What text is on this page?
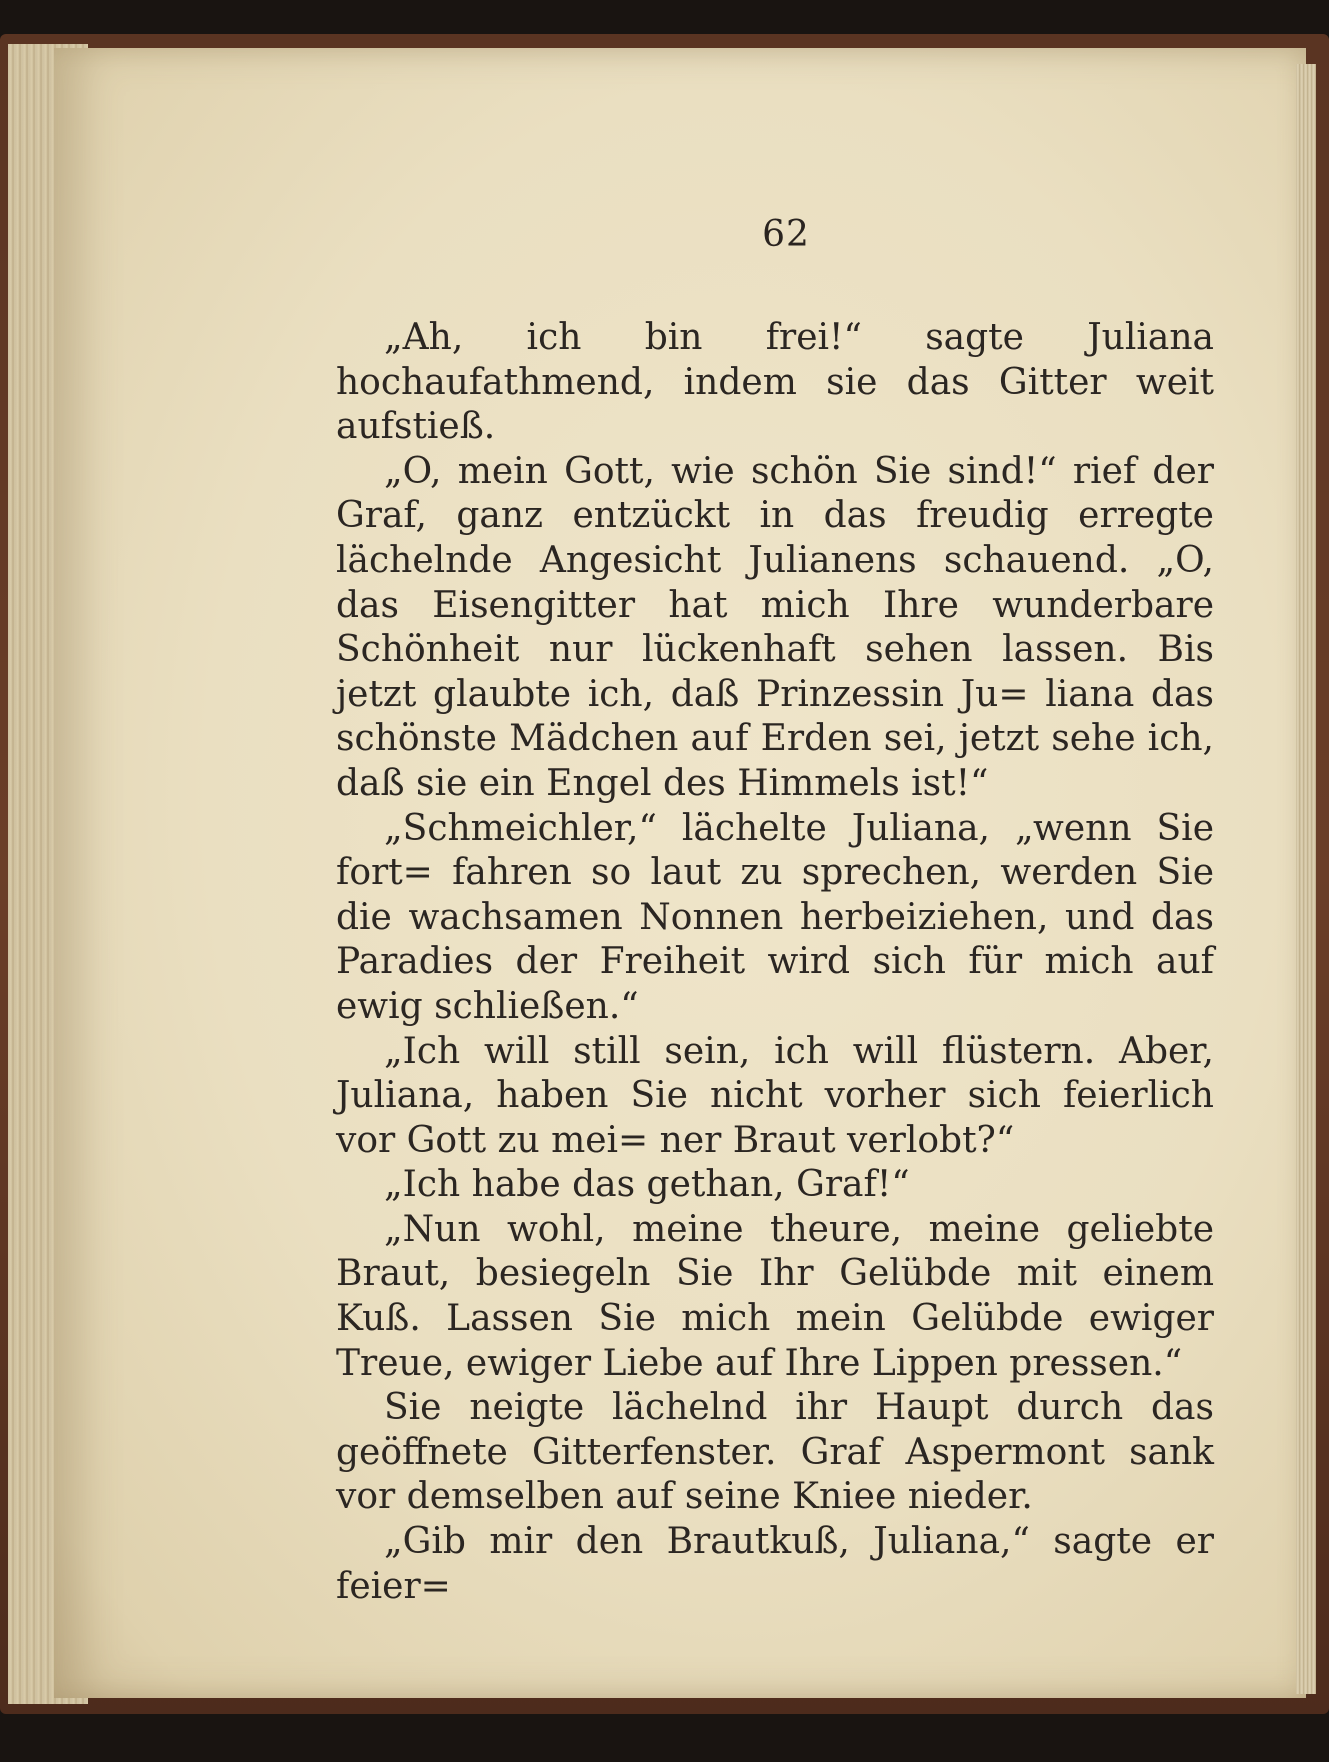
62

„Ah, ich bin frei!“ sagte Juliana hochaufathmend, indem sie das Gitter weit aufstieß.

„O, mein Gott, wie schön Sie sind!“ rief der Graf, ganz entzückt in das freudig erregte lächelnde Angesicht Julianens schauend. „O, das Eisengitter hat mich Ihre wunderbare Schönheit nur lückenhaft sehen lassen. Bis jetzt glaubte ich, daß Prinzessin Ju= liana das schönste Mädchen auf Erden sei, jetzt sehe ich, daß sie ein Engel des Himmels ist!“

„Schmeichler,“ lächelte Juliana, „wenn Sie fort= fahren so laut zu sprechen, werden Sie die wachsamen Nonnen herbeiziehen, und das Paradies der Freiheit wird sich für mich auf ewig schließen.“

„Ich will still sein, ich will flüstern. Aber, Juliana, haben Sie nicht vorher sich feierlich vor Gott zu mei= ner Braut verlobt?“

„Ich habe das gethan, Graf!“

„Nun wohl, meine theure, meine geliebte Braut, besiegeln Sie Ihr Gelübde mit einem Kuß. Lassen Sie mich mein Gelübde ewiger Treue, ewiger Liebe auf Ihre Lippen pressen.“

Sie neigte lächelnd ihr Haupt durch das geöffnete Gitterfenster. Graf Aspermont sank vor demselben auf seine Kniee nieder.

„Gib mir den Brautkuß, Juliana,“ sagte er feier=
